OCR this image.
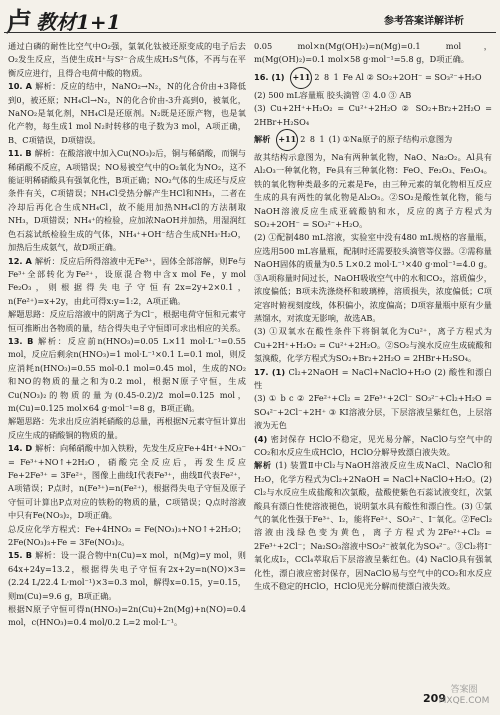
卢 教材1+1	参考答案详解详析

通过白磷的耐性比空气中O₂强，氯氧化钛被还原变成的电子后去O₂发生反应，当使生成H⁺与S²⁻合成生成H₂S气体，不再与在平衡反应进行，且得合电荷中酸的物质。

10. A 解析：反应的结中，NaNO₂→N₂，N的化合价由+3降低到0，被还原；NH₄Cl→N₂，N的化合价由-3升高到0，被氧化，NaNO₂是氧化剂，NH₄Cl是还原剂。N₂既是还原产物，也是氧化产物，每生成1 mol N₂时转移的电子数为3 mol，A项正确，B、C项错误，D项错误。

11. B 解析：在酸溶液中加入Cu(NO₃)₂后，铜与稀硝酸，而铜与稀硝酸不反应，A项错误；NO易被空气中的O₂氧化为NO₂，这不能证明稀硝酸具有强氧化性，B项正确；NO₂气体的生成还与反应条件有关，C项错误；NH₄Cl受热分解产生HCl和NH₃，二者在冷却后再化合生成NH₄Cl，故不能用加热NH₄Cl的方法制取NH₃，D项错误；NH₄⁺的检验，应加浓NaOH并加热，用湿润红色石蕊试纸检验生成的气体，NH₄⁺+OH⁻结合生成NH₃·H₂O，加热后生成氨气，故D项正确。

12. A 解析：反应后所得溶液中无Fe³⁺，固体全部溶解，则Fe与Fe³⁺全部转化为Fe²⁺，设原混合物中含x mol Fe，y mol Fe₂O₃，则根据得失电子守恒有2x=2y+2×0.1，n(Fe²⁺)=x+2y，由此可得x:y=1:2，A项正确。

解题思路：反应后溶液中的阴离子为Cl⁻，根据电荷守恒和元素守恒可推断出各物质的量，结合得失电子守恒即可求出相应的关系。

13. B 解析：反应前n(HNO₃)=0.05 L×11 mol·L⁻¹=0.55 mol，反应后剩余n(HNO₃)=1 mol·L⁻¹×0.1 L=0.1 mol，则反应消耗n(HNO₃)=0.55 mol-0.1 mol=0.45 mol，生成的NO₂和NO的物质的量之和为0.2 mol，根据N原子守恒，生成Cu(NO₃)₂的物质的量为(0.45-0.2)/2 mol=0.125 mol，m(Cu)=0.125 mol×64 g·mol⁻¹=8 g，B项正确。

解题思路：先求出反应消耗硝酸的总量，再根据N元素守恒计算出反应生成的硝酸铜的物质的量。

14. D 解析：向稀硝酸中加入铁粉，先发生反应Fe+4H⁺+NO₃⁻ = Fe³⁺+NO↑+2H₂O，硝酸完全反应后，再发生反应Fe+2Fe³⁺ = 3Fe²⁺，图像上曲线Ⅰ代表Fe³⁺，曲线Ⅱ代表Fe²⁺，A项错误；P点时，n(Fe³⁺)=n(Fe²⁺)，根据得失电子守恒及原子守恒可计算出P点对应的铁粉的物质的量，C项错误；Q点时溶液中只有Fe(NO₃)₂，D项正确。

总反应化学方程式：Fe+4HNO₃ = Fe(NO₃)₃+NO↑+2H₂O；2Fe(NO₃)₃+Fe = 3Fe(NO₃)₂。

15. B 解析：设一混合物中n(Cu)=x mol，n(Mg)=y mol，则64x+24y=13.2，根据得失电子守恒有2x+2y=n(NO)×3=(2.24 L/22.4 L·mol⁻¹)×3=0.3 mol，解得x=0.15，y=0.15，则m(Cu)=9.6 g，B项正确。

根据N原子守恒可得n(HNO₃)=2n(Cu)+2n(Mg)+n(NO)=0.4 mol，c(HNO₃)=0.4 mol/0.2 L=2 mol·L⁻¹。

0.05 mol×n(Mg(OH)₂)=n(Mg)=0.1 mol，m(Mg(OH)₂)=0.1 mol×58 g·mol⁻¹=5.8 g，D项正确。

16. (1) +11 2 8 1 Fe Al ② SO₂+2OH⁻ = SO₃²⁻+H₂O

(2) 500 mL容量瓶 胶头滴管 ② 4.0 ③ AB

(3) Cu+2H⁺+H₂O₂ = Cu²⁺+2H₂O ② SO₂+Br₂+2H₂O = 2HBr+H₂SO₄

解析 +11 2 8 1 (1) ①Na原子的原子结构示意图为

故其结构示意图为，Na有两种氧化物，NaO、Na₂O₂。Al具有Al₂O₃一种氧化物，Fe具有三种氧化物：FeO、Fe₂O₃、Fe₃O₄。铁的氧化物种类最多的元素是Fe，由三种元素的氧化物相互反应生成的具有两性的氧化物是Al₂O₃。②SO₂是酸性氧化物，能与NaOH溶液反应生成亚硫酸钠和水，反应的离子方程式为SO₂+2OH⁻ = SO₃²⁻+H₂O。

(2) ①配制480 mL溶液，实验室中没有480 mL规格的容量瓶，应选用500 mL容量瓶，配制时还需要胶头滴管等仪器。②需称量NaOH固体的质量为0.5 L×0.2 mol·L⁻¹×40 g·mol⁻¹=4.0 g。③A项称量时间过长，NaOH吸收空气中的水和CO₂，溶质偏少，浓度偏低；B项未洗涤烧杯和玻璃棒，溶质损失，浓度偏低；C项定容时俯视刻度线，体积偏小，浓度偏高；D项容量瓶中原有少量蒸馏水，对浓度无影响，故选AB。

(3) ①双氧水在酸性条件下将铜氧化为Cu²⁺，离子方程式为Cu+2H⁺+H₂O₂ = Cu²⁺+2H₂O。②SO₂与溴水反应生成硫酸和氢溴酸，化学方程式为SO₂+Br₂+2H₂O = 2HBr+H₂SO₄。

17. (1) Cl₂+2NaOH = NaCl+NaClO+H₂O (2) 酸性和漂白性

(3) ① b c ② 2Fe²⁺+Cl₂ = 2Fe³⁺+2Cl⁻ SO₃²⁻+Cl₂+H₂O = SO₄²⁻+2Cl⁻+2H⁺ ③ KI溶液分层，下层溶液呈紫红色，上层溶液为无色

(4) 密封保存 HClO不稳定，见光易分解，NaClO与空气中的CO₂和水反应生成HClO，HClO分解导致漂白液失效。

解析 (1) 装置Ⅱ中Cl₂与NaOH溶液反应生成NaCl、NaClO和H₂O，化学方程式为Cl₂+2NaOH = NaCl+NaClO+H₂O。(2) Cl₂与水反应生成盐酸和次氯酸，盐酸使紫色石蕊试液变红，次氯酸具有漂白性使溶液褪色，说明氯水具有酸性和漂白性。(3) ①氯气的氧化性强于Fe³⁺、I₂，能将Fe²⁺、SO₃²⁻、I⁻氧化。②FeCl₂溶液由浅绿色变为黄色，离子方程式为2Fe²⁺+Cl₂ = 2Fe³⁺+2Cl⁻；Na₂SO₃溶液中SO₃²⁻被氧化为SO₄²⁻。③Cl₂将I⁻氧化成I₂，CCl₄萃取后下层溶液呈紫红色。(4) NaClO具有强氧化性，漂白液应密封保存，因NaClO易与空气中的CO₂和水反应生成不稳定的HClO，HClO见光分解而使漂白液失效。

209
答案圈
MXQE.COM
